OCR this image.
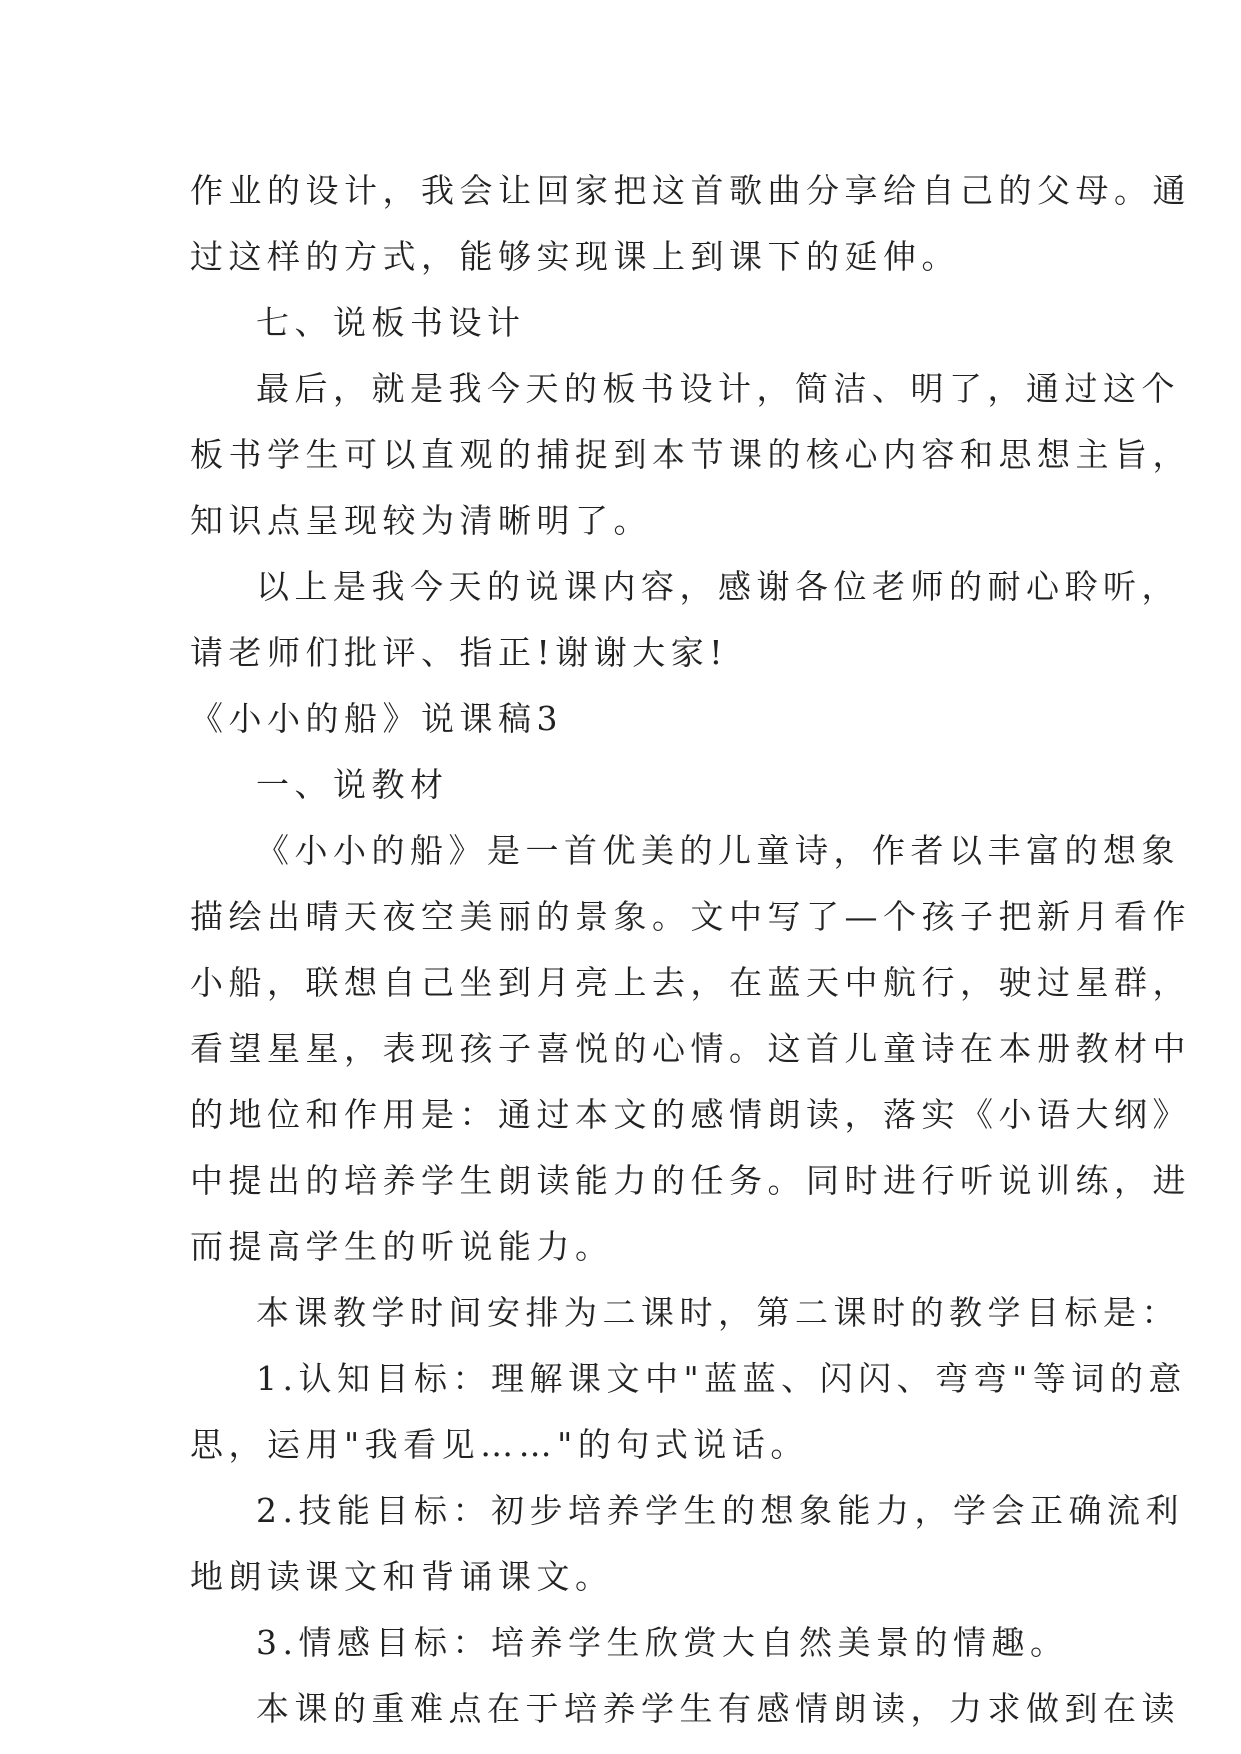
作业的设计，我会让回家把这首歌曲分享给自己的父母。通
过这样的方式，能够实现课上到课下的延伸。
七、说板书设计
最后，就是我今天的板书设计，简洁、明了，通过这个
板书学生可以直观的捕捉到本节课的核心内容和思想主旨，
知识点呈现较为清晰明了。
以上是我今天的说课内容，感谢各位老师的耐心聆听，
请老师们批评、指正!谢谢大家!
《小小的船》说课稿3
一、说教材
《小小的船》是一首优美的儿童诗，作者以丰富的想象
描绘出晴天夜空美丽的景象。文中写了—个孩子把新月看作
小船，联想自己坐到月亮上去，在蓝天中航行，驶过星群，
看望星星，表现孩子喜悦的心情。这首儿童诗在本册教材中
的地位和作用是：通过本文的感情朗读，落实《小语大纲》
中提出的培养学生朗读能力的任务。同时进行听说训练，进
而提高学生的听说能力。
本课教学时间安排为二课时，第二课时的教学目标是：
1.认知目标：理解课文中"蓝蓝、闪闪、弯弯"等词的意
思，运用"我看见……"的句式说话。
2.技能目标：初步培养学生的想象能力，学会正确流利
地朗读课文和背诵课文。
3.情感目标：培养学生欣赏大自然美景的情趣。
本课的重难点在于培养学生有感情朗读，力求做到在读
